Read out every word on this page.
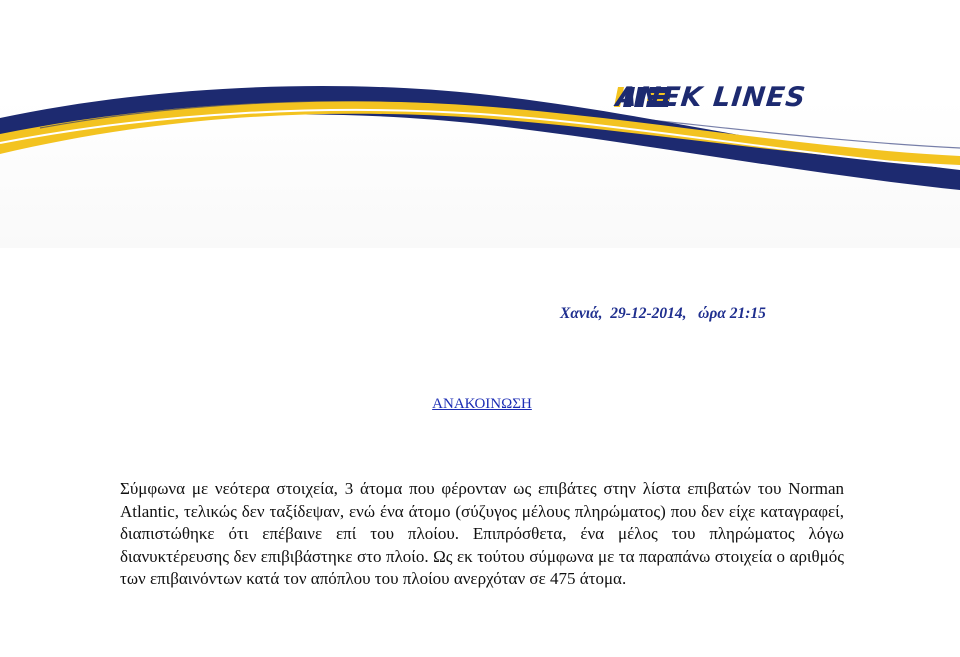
ANEK LINES
Χανιά,  29-12-2014,   ώρα 21:15
ΑΝΑΚΟΙΝΩΣΗ
Σύμφωνα με νεότερα στοιχεία, 3 άτομα που φέρονταν ως επιβάτες στην λίστα επιβατών του Norman Atlantic, τελικώς δεν ταξίδεψαν, ενώ ένα άτομο (σύζυγος μέλους πληρώματος) που δεν είχε καταγραφεί, διαπιστώθηκε ότι επέβαινε επί του πλοίου. Επιπρόσθετα, ένα μέλος του πληρώματος λόγω διανυκτέρευσης δεν επιβιβάστηκε στο πλοίο. Ως εκ τούτου σύμφωνα με τα παραπάνω στοιχεία ο αριθμός των επιβαινόντων κατά τον απόπλου του πλοίου ανερχόταν σε 475 άτομα.
